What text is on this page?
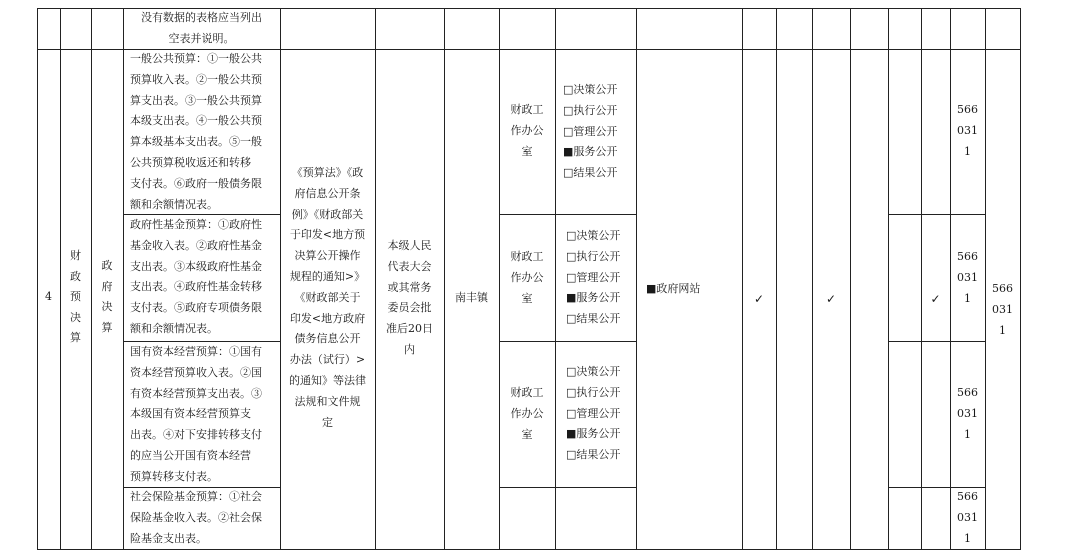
没有数据的表格应当列出
空表并说明。
4
财
政
预
决
算
政
府
决
算
《预算法》《政
府信息公开条
例》《财政部关
于印发<地方预
决算公开操作
规程的通知>》
《财政部关于
印发<地方政府
债务信息公开
办法（试行）>
的通知》等法律
法规和文件规
定
本级人民
代表大会
或其常务
委员会批
准后20日
内
南丰镇
■政府网站
✓	✓	✓
566
031
1
一般公共预算：①一般公共
预算收入表。②一般公共预
算支出表。③一般公共预算
本级支出表。④一般公共预
算本级基本支出表。⑤一般
公共预算税收返还和转移
支付表。⑥政府一般债务限
额和余额情况表。
财政工
作办公
室
□决策公开
□执行公开
□管理公开
■服务公开
□结果公开
566
031
1
政府性基金预算：①政府性
基金收入表。②政府性基金
支出表。③本级政府性基金
支出表。④政府性基金转移
支付表。⑤政府专项债务限
额和余额情况表。
财政工
作办公
室
□决策公开
□执行公开
□管理公开
■服务公开
□结果公开
566
031
1
国有资本经营预算：①国有
资本经营预算收入表。②国
有资本经营预算支出表。③
本级国有资本经营预算支
出表。④对下安排转移支付
的应当公开国有资本经营
预算转移支付表。
财政工
作办公
室
□决策公开
□执行公开
□管理公开
■服务公开
□结果公开
566
031
1
社会保险基金预算：①社会
保险基金收入表。②社会保
险基金支出表。
566
031
1
